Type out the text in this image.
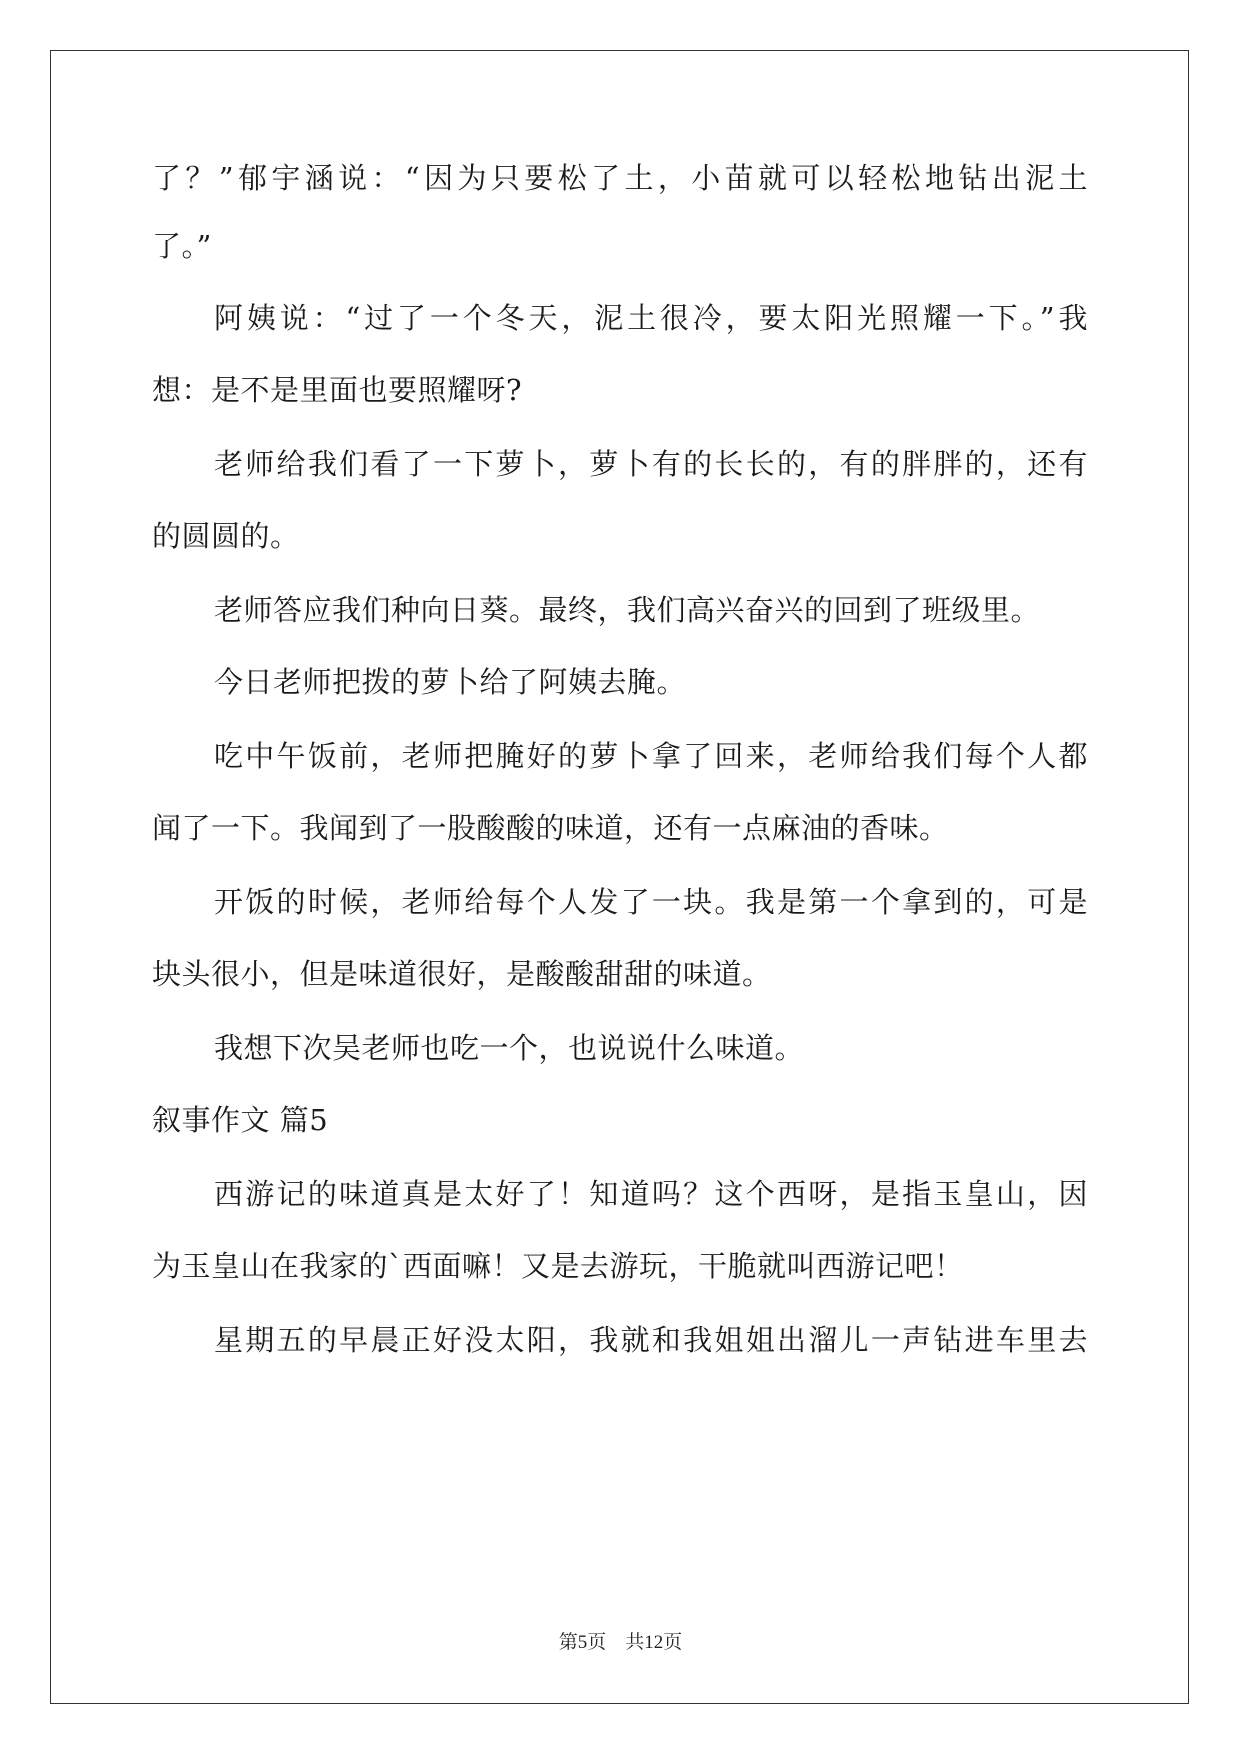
了？”郁宇涵说：“因为只要松了土，小苗就可以轻松地钻出泥土
了。”
阿姨说：“过了一个冬天，泥土很冷，要太阳光照耀一下。”我
想：是不是里面也要照耀呀?
老师给我们看了一下萝卜，萝卜有的长长的，有的胖胖的，还有
的圆圆的。
老师答应我们种向日葵。最终，我们高兴奋兴的回到了班级里。
今日老师把拨的萝卜给了阿姨去腌。
吃中午饭前，老师把腌好的萝卜拿了回来，老师给我们每个人都
闻了一下。我闻到了一股酸酸的味道，还有一点麻油的香味。
开饭的时候，老师给每个人发了一块。我是第一个拿到的，可是
块头很小，但是味道很好，是酸酸甜甜的味道。
我想下次吴老师也吃一个，也说说什么味道。
叙事作文 篇5
西游记的味道真是太好了！知道吗？这个西呀，是指玉皇山，因
为玉皇山在我家的`西面嘛！又是去游玩，干脆就叫西游记吧！
星期五的早晨正好没太阳，我就和我姐姐出溜儿一声钻进车里去
第5页 共12页
